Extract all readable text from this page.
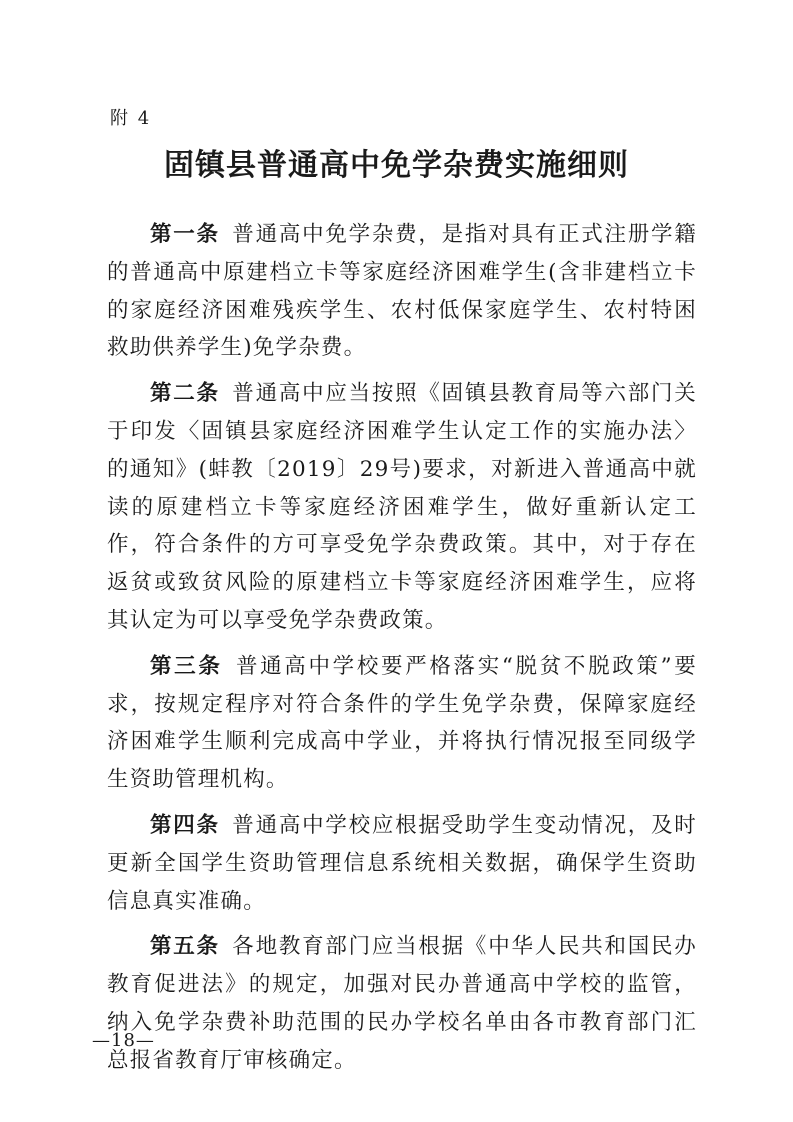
附 4
固镇县普通高中免学杂费实施细则

第一条  普通高中免学杂费，是指对具有正式注册学籍的普通高中原建档立卡等家庭经济困难学生(含非建档立卡的家庭经济困难残疾学生、农村低保家庭学生、农村特困救助供养学生)免学杂费。

第二条  普通高中应当按照《固镇县教育局等六部门关于印发〈固镇县家庭经济困难学生认定工作的实施办法〉的通知》(蚌教〔2019〕29号)要求，对新进入普通高中就读的原建档立卡等家庭经济困难学生，做好重新认定工作，符合条件的方可享受免学杂费政策。其中，对于存在返贫或致贫风险的原建档立卡等家庭经济困难学生，应将其认定为可以享受免学杂费政策。

第三条  普通高中学校要严格落实“脱贫不脱政策”要求，按规定程序对符合条件的学生免学杂费，保障家庭经济困难学生顺利完成高中学业，并将执行情况报至同级学生资助管理机构。

第四条  普通高中学校应根据受助学生变动情况，及时更新全国学生资助管理信息系统相关数据，确保学生资助信息真实准确。

第五条  各地教育部门应当根据《中华人民共和国民办教育促进法》的规定，加强对民办普通高中学校的监管，纳入免学杂费补助范围的民办学校名单由各市教育部门汇总报省教育厅审核确定。

—18—
